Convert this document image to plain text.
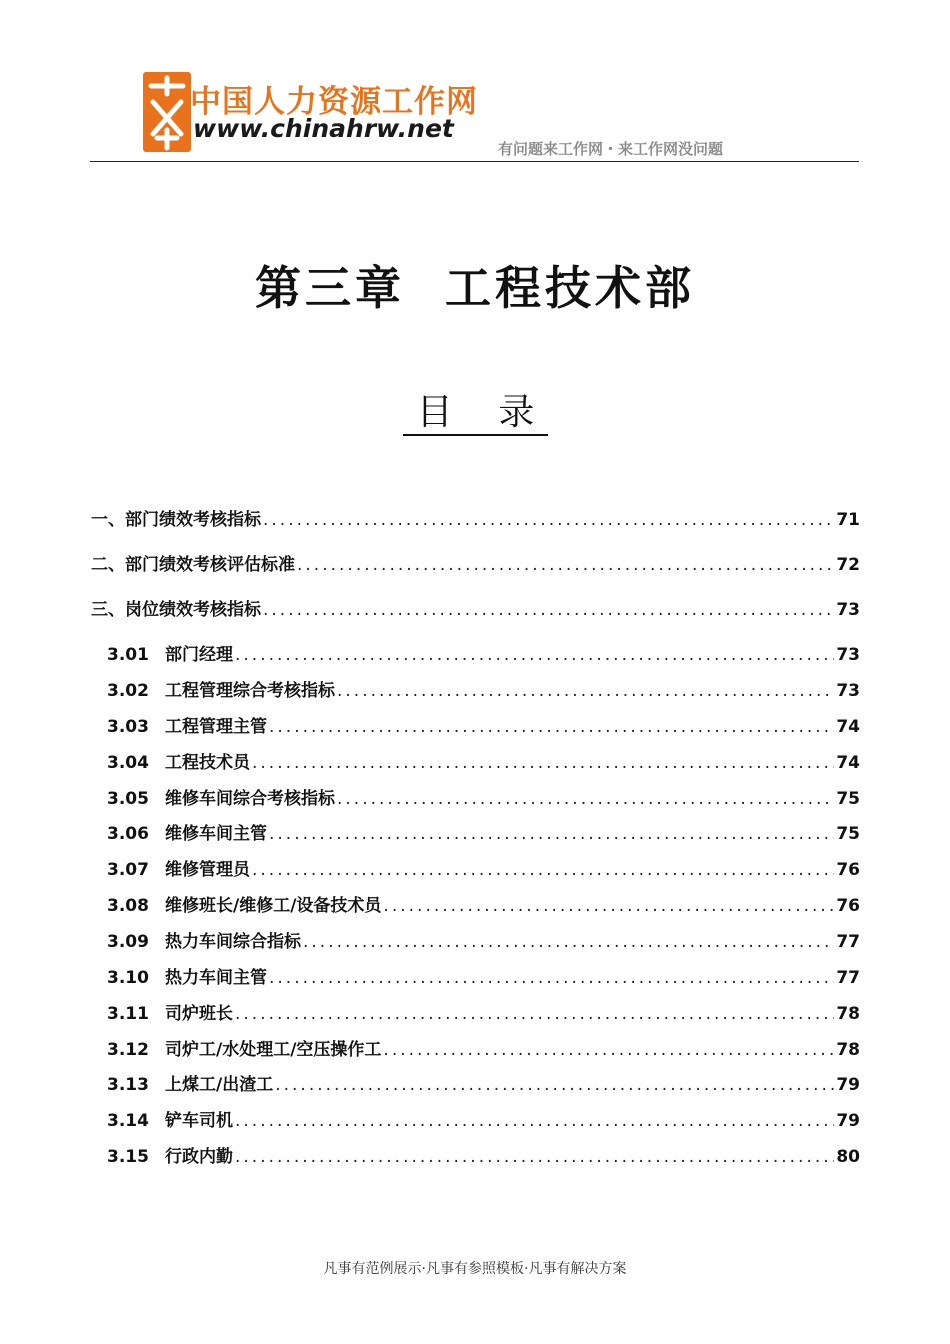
中国人力资源工作网
www.chinahrw.net
有问题来工作网・来工作网没问题
第三章  工程技术部
目    录
一、部门绩效考核指标 .....	71
二、部门绩效考核评估标准 .....	72
三、岗位绩效考核指标 .....	73
3.01 部门经理 .....	73
3.02 工程管理综合考核指标 .....	73
3.03 工程管理主管 .....	74
3.04 工程技术员 .....	74
3.05 维修车间综合考核指标 .....	75
3.06 维修车间主管 .....	75
3.07 维修管理员 .....	76
3.08 维修班长/维修工/设备技术员 .....	76
3.09 热力车间综合指标 .....	77
3.10 热力车间主管 .....	77
3.11 司炉班长 .....	78
3.12 司炉工/水处理工/空压操作工 .....	78
3.13 上煤工/出渣工 .....	79
3.14 铲车司机 .....	79
3.15 行政内勤 .....	80
凡事有范例展示·凡事有参照模板·凡事有解决方案
